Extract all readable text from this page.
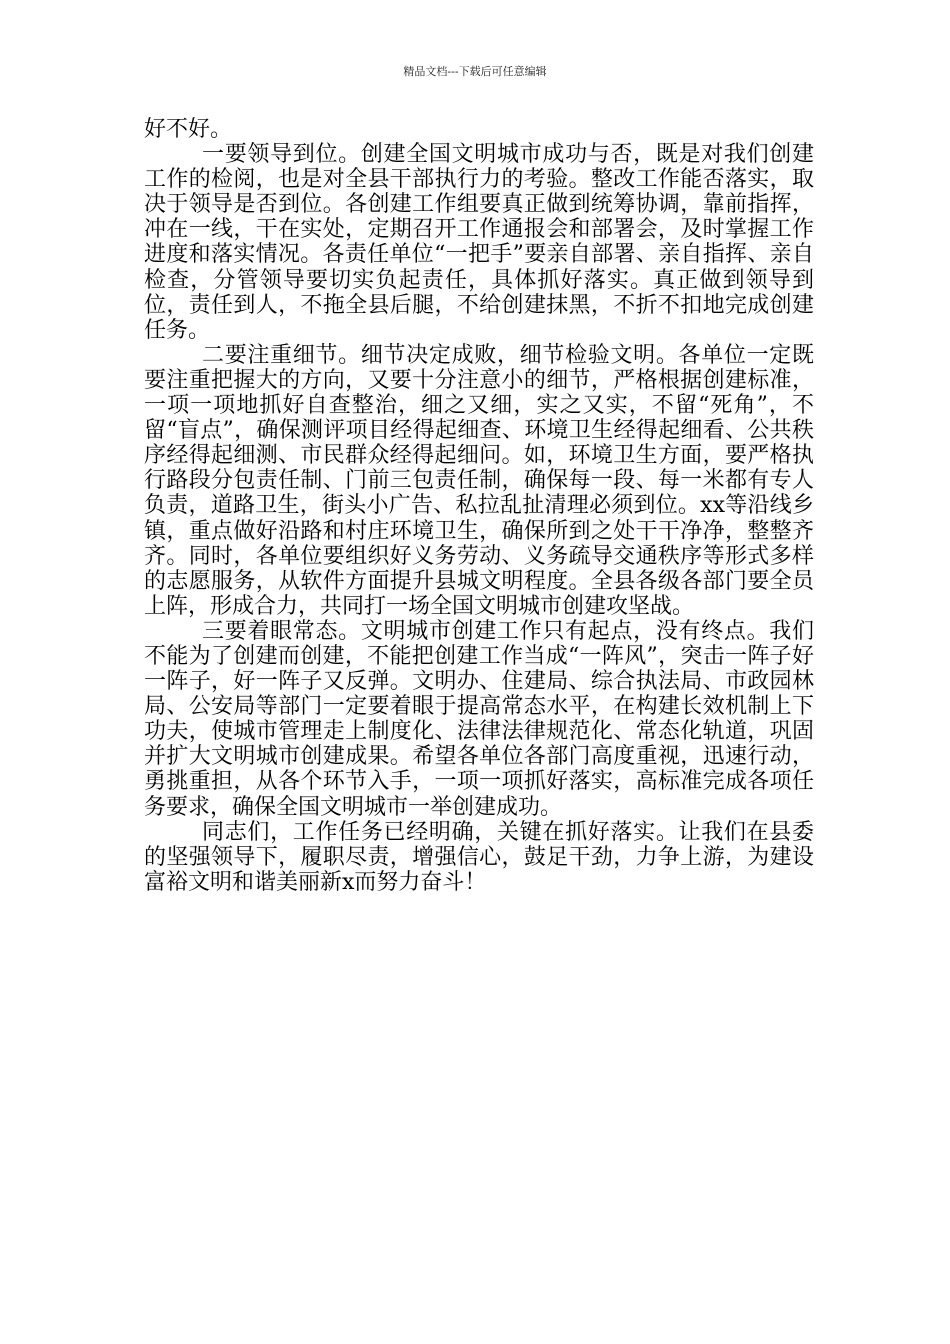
精品文档---下载后可任意编辑

好不好。

一要领导到位。创建全国文明城市成功与否，既是对我们创建工作的检阅，也是对全县干部执行力的考验。整改工作能否落实，取决于领导是否到位。各创建工作组要真正做到统筹协调，靠前指挥，冲在一线，干在实处，定期召开工作通报会和部署会，及时掌握工作进度和落实情况。各责任单位“一把手”要亲自部署、亲自指挥、亲自检查，分管领导要切实负起责任，具体抓好落实。真正做到领导到位，责任到人，不拖全县后腿，不给创建抹黑，不折不扣地完成创建任务。

二要注重细节。细节决定成败，细节检验文明。各单位一定既要注重把握大的方向，又要十分注意小的细节，严格根据创建标准，一项一项地抓好自查整治，细之又细，实之又实，不留“死角”，不留“盲点”，确保测评项目经得起细查、环境卫生经得起细看、公共秩序经得起细测、市民群众经得起细问。如，环境卫生方面，要严格执行路段分包责任制、门前三包责任制，确保每一段、每一米都有专人负责，道路卫生，街头小广告、私拉乱扯清理必须到位。xx等沿线乡镇，重点做好沿路和村庄环境卫生，确保所到之处干干净净，整整齐齐。同时，各单位要组织好义务劳动、义务疏导交通秩序等形式多样的志愿服务，从软件方面提升县城文明程度。全县各级各部门要全员上阵，形成合力，共同打一场全国文明城市创建攻坚战。

三要着眼常态。文明城市创建工作只有起点，没有终点。我们不能为了创建而创建，不能把创建工作当成“一阵风”，突击一阵子好一阵子，好一阵子又反弹。文明办、住建局、综合执法局、市政园林局、公安局等部门一定要着眼于提高常态水平，在构建长效机制上下功夫，使城市管理走上制度化、法律法律规范化、常态化轨道，巩固并扩大文明城市创建成果。希望各单位各部门高度重视，迅速行动，勇挑重担，从各个环节入手，一项一项抓好落实，高标准完成各项任务要求，确保全国文明城市一举创建成功。

同志们，工作任务已经明确，关键在抓好落实。让我们在县委的坚强领导下，履职尽责，增强信心，鼓足干劲，力争上游，为建设富裕文明和谐美丽新x而努力奋斗！
